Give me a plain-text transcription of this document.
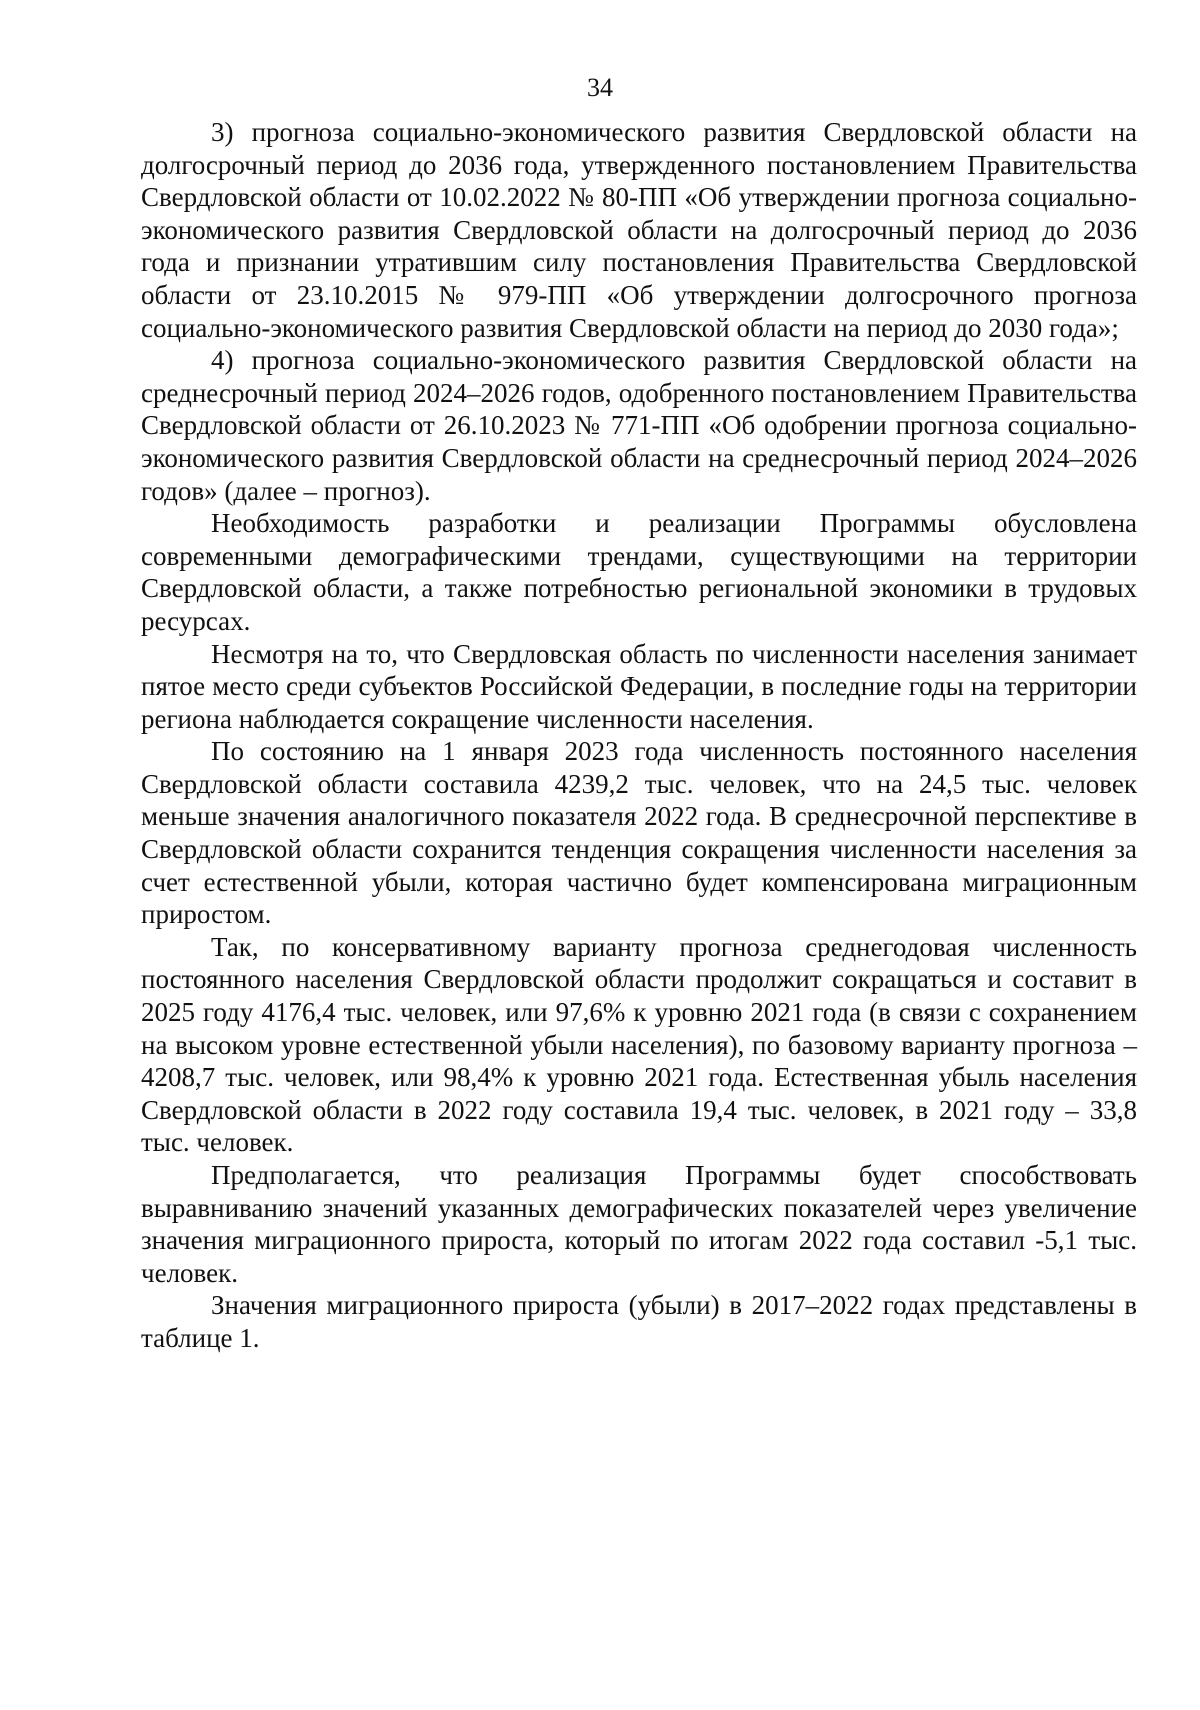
34

3) прогноза социально-экономического развития Свердловской области на долгосрочный период до 2036 года, утвержденного постановлением Правительства Свердловской области от 10.02.2022 № 80-ПП «Об утверждении прогноза социально-экономического развития Свердловской области на долгосрочный период до 2036 года и признании утратившим силу постановления Правительства Свердловской области от 23.10.2015 № 979-ПП «Об утверждении долгосрочного прогноза социально-экономического развития Свердловской области на период до 2030 года»;

4) прогноза социально-экономического развития Свердловской области на среднесрочный период 2024–2026 годов, одобренного постановлением Правительства Свердловской области от 26.10.2023 № 771-ПП «Об одобрении прогноза социально-экономического развития Свердловской области на среднесрочный период 2024–2026 годов» (далее – прогноз).

Необходимость разработки и реализации Программы обусловлена современными демографическими трендами, существующими на территории Свердловской области, а также потребностью региональной экономики в трудовых ресурсах.

Несмотря на то, что Свердловская область по численности населения занимает пятое место среди субъектов Российской Федерации, в последние годы на территории региона наблюдается сокращение численности населения.

По состоянию на 1 января 2023 года численность постоянного населения Свердловской области составила 4239,2 тыс. человек, что на 24,5 тыс. человек меньше значения аналогичного показателя 2022 года. В среднесрочной перспективе в Свердловской области сохранится тенденция сокращения численности населения за счет естественной убыли, которая частично будет компенсирована миграционным приростом.

Так, по консервативному варианту прогноза среднегодовая численность постоянного населения Свердловской области продолжит сокращаться и составит в 2025 году 4176,4 тыс. человек, или 97,6% к уровню 2021 года (в связи с сохранением на высоком уровне естественной убыли населения), по базовому варианту прогноза – 4208,7 тыс. человек, или 98,4% к уровню 2021 года. Естественная убыль населения Свердловской области в 2022 году составила 19,4 тыс. человек, в 2021 году – 33,8 тыс. человек.

Предполагается, что реализация Программы будет способствовать выравниванию значений указанных демографических показателей через увеличение значения миграционного прироста, который по итогам 2022 года составил -5,1 тыс. человек.

Значения миграционного прироста (убыли) в 2017–2022 годах представлены в таблице 1.
